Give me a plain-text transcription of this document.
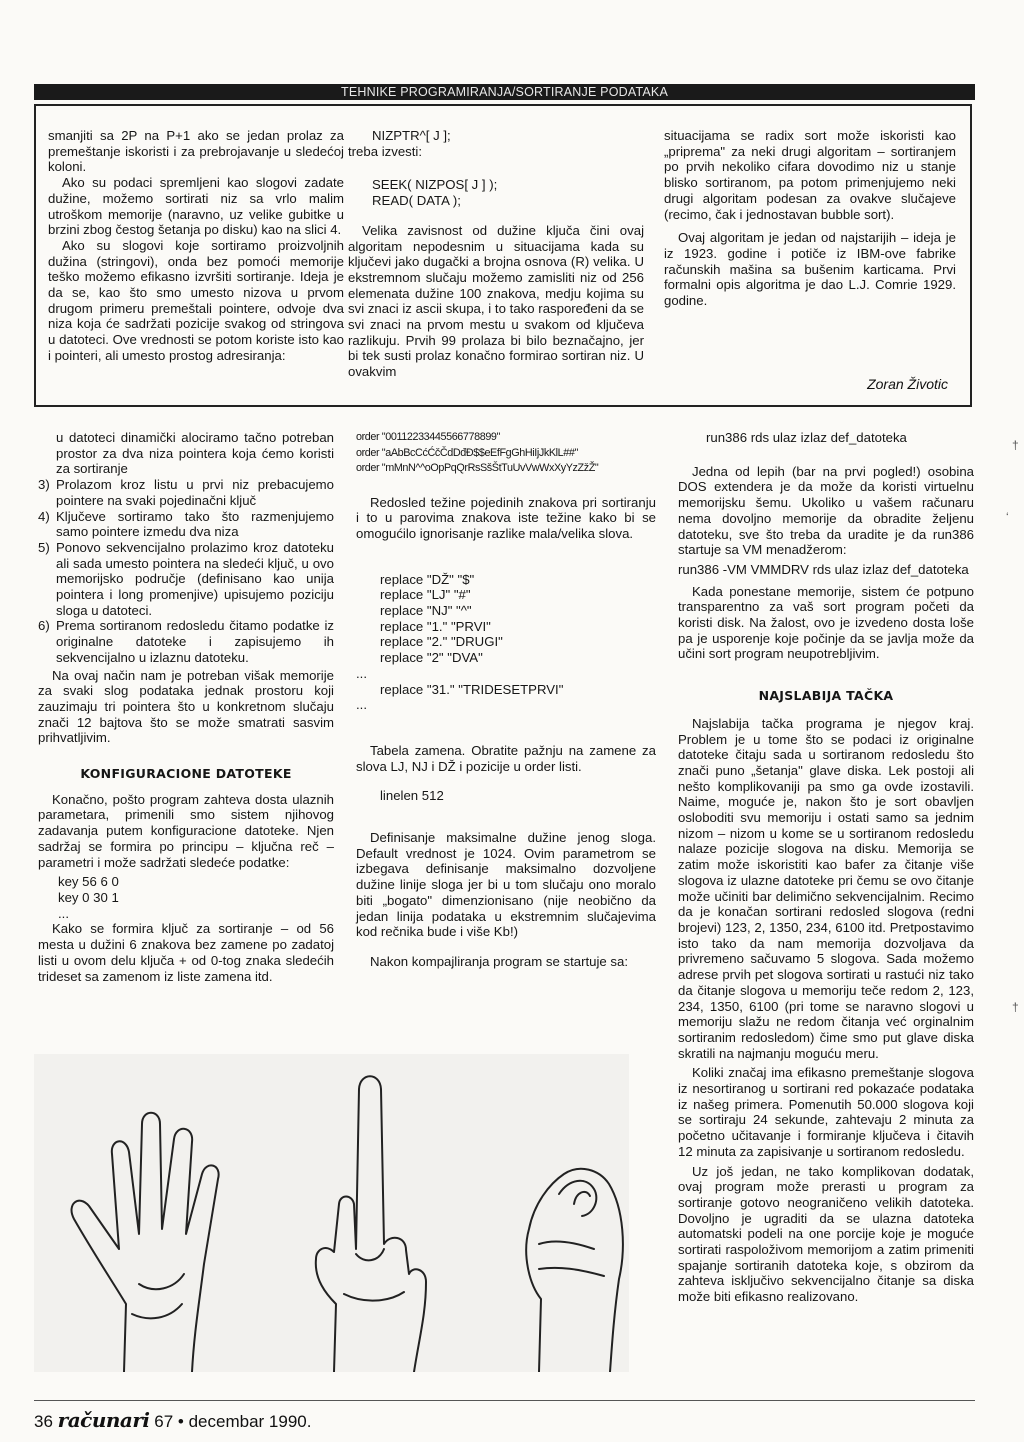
TEHNIKE PROGRAMIRANJA/SORTIRANJE PODATAKA

smanjiti sa 2P na P+1 ako se jedan prolaz za premeštanje iskoristi i za prebrojavanje u sledećoj koloni.

Ako su podaci spremljeni kao slogovi zadate dužine, možemo sortirati niz sa vrlo malim utroškom memorije (naravno, uz velike gubitke u brzini zbog čestog šetanja po disku) kao na slici 4.

Ako su slogovi koje sortiramo proizvoljnih dužina (stringovi), onda bez pomoći memorije teško možemo efikasno izvršiti sortiranje. Ideja je da se, kao što smo umesto nizova u prvom drugom primeru premeštali pointere, odvoje dva niza koja će sadržati pozicije svakog od stringova u datoteci. Ove vrednosti se potom koriste isto kao i pointeri, ali umesto prostog adresiranja:

NIZPTR^[ J ];

treba izvesti:

SEEK( NIZPOS[ J ] );

READ( DATA );

Velika zavisnost od dužine ključa čini ovaj algoritam nepodesnim u situacijama kada su ključevi jako dugački a brojna osnova (R) velika. U ekstremnom slučaju možemo zamisliti niz od 256 elemenata dužine 100 znakova, medju kojima su svi znaci iz ascii skupa, i to tako raspoređeni da se svi znaci na prvom mestu u svakom od ključeva razlikuju. Prvih 99 prolaza bi bilo beznačajno, jer bi tek susti prolaz konačno formirao sortiran niz. U ovakvim

situacijama se radix sort može iskoristi kao „priprema" za neki drugi algoritam – sortiranjem po prvih nekoliko cifara dovodimo niz u stanje blisko sortiranom, pa potom primenjujemo neki drugi algoritam podesan za ovakve slučajeve (recimo, čak i jednostavan bubble sort).

Ovaj algoritam je jedan od najstarijih – ideja je iz 1923. godine i potiče iz IBM-ove fabrike računskih mašina sa bušenim karticama. Prvi formalni opis algoritma je dao L.J. Comrie 1929. godine.

Zoran Životic

u datoteci dinamički alociramo tačno potreban prostor za dva niza pointera koja ćemo koristi za sortiranje

3) Prolazom kroz listu u prvi niz prebacujemo pointere na svaki pojedinačni ključ

4) Ključeve sortiramo tako što razmenjujemo samo pointere izmedu dva niza

5) Ponovo sekvencijalno prolazimo kroz datoteku ali sada umesto pointera na sledeći ključ, u ovo memorijsko područje (definisano kao unija pointera i long promenjive) upisujemo poziciju sloga u datoteci.

6) Prema sortiranom redosledu čitamo podatke iz originalne datoteke i zapisujemo ih sekvencijalno u izlaznu datoteku.

Na ovaj način nam je potreban višak memorije za svaki slog podataka jednak prostoru koji zauzimaju tri pointera što u konkretnom slučaju znači 12 bajtova što se može smatrati sasvim prihvatljivim.

KONFIGURACIONE DATOTEKE

Konačno, pošto program zahteva dosta ulaznih parametara, primenili smo sistem njihovog zadavanja putem konfiguracione datoteke. Njen sadržaj se formira po principu – ključna reč – parametri i može sadržati sledeće podatke:

key 56 6 0

key 0 30 1

...

Kako se formira ključ za sortiranje – od 56 mesta u dužini 6 znakova bez zamene po zadatoj listi u ovom delu ključa + od 0-tog znaka sledećih trideset sa zamenom iz liste zamena itd.

order "00112233445566778899"

order "aAbBcCćĆčČdDđĐ$$eEfFgGhHiIjJkKlL##"

order "mMnN^^oOpPqQrRsSšŠtTuUvVwWxXyYzZžŽ"

Redosled težine pojedinih znakova pri sortiranju i to u parovima znakova iste težine kako bi se omogućilo ignorisanje razlike mala/velika slova.

replace "DŽ" "$"

replace "LJ" "#"

replace "NJ" "^"

replace "1." "PRVI"

replace "2." "DRUGI"

replace "2" "DVA"

...

replace "31." "TRIDESETPRVI"

...

Tabela zamena. Obratite pažnju na zamene za slova LJ, NJ i DŽ i pozicije u order listi.

linelen 512

Definisanje maksimalne dužine jenog sloga. Default vrednost je 1024. Ovim parametrom se izbegava definisanje maksimalno dozvoljene dužine linije sloga jer bi u tom slučaju ono moralo biti „bogato" dimenzionisano (nije neobično da jedan linija podataka u ekstremnim slučajevima kod rečnika bude i više Kb!)

Nakon kompajliranja program se startuje sa:

run386 rds ulaz izlaz def_datoteka

Jedna od lepih (bar na prvi pogled!) osobina DOS extendera je da može da koristi virtuelnu memorijsku šemu. Ukoliko u vašem računaru nema dovoljno memorije da obradite željenu datoteku, sve što treba da uradite je da run386 startuje sa VM menadžerom:

run386 -VM VMMDRV rds ulaz izlaz def_datoteka

Kada ponestane memorije, sistem će potpuno transparentno za vaš sort program početi da koristi disk. Na žalost, ovo je izvedeno dosta loše pa je usporenje koje počinje da se javlja može da učini sort program neupotrebljivim.

NAJSLABIJA TAČKA

Najslabija tačka programa je njegov kraj. Problem je u tome što se podaci iz originalne datoteke čitaju sada u sortiranom redosledu što znači puno „šetanja" glave diska. Lek postoji ali nešto komplikovaniji pa smo ga ovde izostavili. Naime, moguće je, nakon što je sort obavljen osloboditi svu memoriju i ostati samo sa jednim nizom – nizom u kome se u sortiranom redosledu nalaze pozicije slogova na disku. Memorija se zatim može iskoristiti kao bafer za čitanje više slogova iz ulazne datoteke pri čemu se ovo čitanje može učiniti bar delimično sekvencijalnim. Recimo da je konačan sortirani redosled slogova (redni brojevi) 123, 2, 1350, 234, 6100 itd. Pretpostavimo isto tako da nam memorija dozvoljava da privremeno sačuvamo 5 slogova. Sada možemo adrese prvih pet slogova sortirati u rastući niz tako da čitanje slogova u memoriju teče redom 2, 123, 234, 1350, 6100 (pri tome se naravno slogovi u memoriju slažu ne redom čitanja već orginalnim sortiranim redosledom) čime smo put glave diska skratili na najmanju moguću meru.

Koliki značaj ima efikasno premeštanje slogova iz nesortiranog u sortirani red pokazaće podataka iz našeg primera. Pomenutih 50.000 slogova koji se sortiraju 24 sekunde, zahtevaju 2 minuta za početno učitavanje i formiranje ključeva i čitavih 12 minuta za zapisivanje u sortiranom redosledu.

Uz još jedan, ne tako komplikovan dodatak, ovaj program može prerasti u program za sortiranje gotovo neograničeno velikih datoteka. Dovoljno je ugraditi da se ulazna datoteka automatski podeli na one porcije koje je moguće sortirati raspoloživom memorijom a zatim primeniti spajanje sortiranih datoteka koje, s obzirom da zahteva isključivo sekvencijalno čitanje sa diska može biti efikasno realizovano.

†
‘
†
36 računari 67 • decembar 1990.
